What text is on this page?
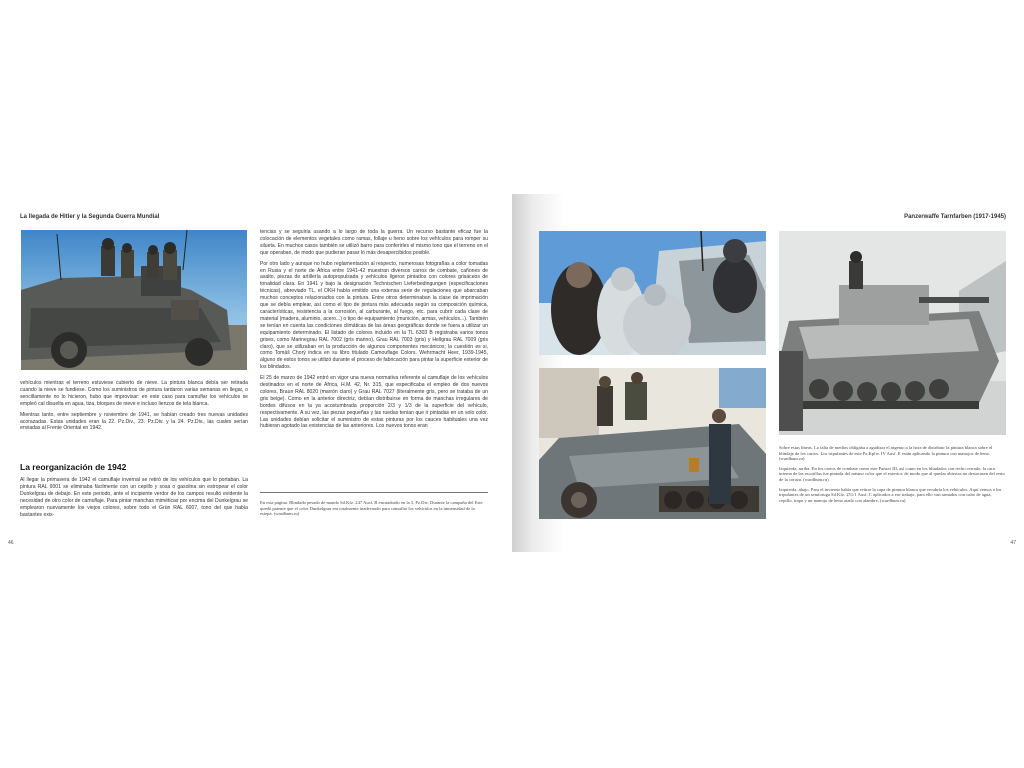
La llegada de Hitler y la Segunda Guerra Mundial

vehículos mientras el terreno estuviese cubierto de nieve. La pintura blanca debía ser retirada cuando la nieve se fundiese. Como los suministros de pintura tardaron varias semanas en llegar, o sencillamente no lo hicieron, hubo que improvisar: en este caso para camuflar los vehículos se empleó cal disuelta en agua, tiza, bloques de nieve e incluso lienzos de tela blanca.

Mientras tanto, entre septiembre y noviembre de 1941, se habían creado tres nuevas unidades acorazadas. Estas unidades eran la 22. Pz.Div., 23. Pz.Div. y la 24. Pz.Div., las cuales serían enviadas al Frente Oriental en 1942.

La reorganización de 1942

Al llegar la primavera de 1942 el camuflaje invernal se retiró de los vehículos que lo portaban. La pintura RAL 9001 se eliminaba fácilmente con un cepillo y sosa o gasolina sin estropear el color Dunkelgrau de debajo. En este periodo, ante el incipiente verdor de los campos resultó evidente la necesidad de otro color de camuflaje. Para pintar manchas miméticas por encima del Dunkelgrau se emplearon nuevamente los viejos colores, sobre todo el Grün RAL 6007, tono del que había bastantes exis-

tencias y se seguiría usando a lo largo de toda la guerra. Un recurso bastante eficaz fue la colocación de elementos vegetales como ramas, follaje u heno sobre los vehículos para romper su silueta. En muchos casos también se utilizó barro para conferirles el mismo tono que el terreno en el que operaban, de modo que pudieran pasar lo más desapercibidos posible.

Por otro lado y aunque no hubo reglamentación al respecto, numerosas fotografías a color tomadas en Rusia y el norte de África entre 1941-42 muestran diversos carros de combate, cañones de asalto, piezas de artillería autopropulsada y vehículos ligeros pintados con colores grisáceos de tonalidad clara. En 1941 y bajo la designación Technischen Lieferbedingungen (especificaciones técnicas), abreviado TL, el OKH había emitido una extensa serie de regulaciones que abarcaban muchos conceptos relacionados con la pintura. Entre otros determinaban la clase de imprimación que se debía emplear, así como el tipo de pintura más adecuada según su composición química, características, resistencia a la corrosión, al carburante, al fuego, etc. para cubrir cada clase de material (madera, aluminio, acero...) o tipo de equipamiento (munición, armas, vehículos...). También se tenían en cuenta las condiciones climáticas de las áreas geográficas donde se fuera a utilizar un equipamiento determinado. El listado de colores incluido en la TL 6303 B registraba varios tonos grises, como Marinegrau RAL 7002 (gris marino), Grau RAL 7003 (gris) y Hellgrau RAL 7009 (gris claro), que se utilizaban en la producción de algunos componentes mecánicos; la cuestión es si, como Tomáš Chorý indica en su libro titulado Camouflage Colors. Wehrmacht Heer, 1939-1945, alguno de estos tonos se utilizó durante el proceso de fabricación para pintar la superficie exterior de los blindados.

El 25 de marzo de 1942 entró en vigor una nueva normativa referente al camuflaje de los vehículos destinados en el norte de África, H.M. 42, Nr. 315, que especificaba el empleo de dos nuevos colores, Braun RAL 8020 (marrón claro) y Grau RAL 7027 (literalmente gris, pero se trataba de un gris beige). Como en la anterior directriz, debían distribuirse en forma de manchas irregulares de bordes difusos en la ya acostumbrada proporción 2/3 y 1/3 de la superficie del vehículo, respectivamente. A su vez, las piezas pequeñas y las ruedas tenían que ir pintadas en un solo color. Las unidades debían solicitar el suministro de estas pinturas por los cauces habituales una vez hubieran agotado las existencias de las anteriores. Los nuevos tonos eran

En esta página. Blindado pesado de mando Sd.Kfz. 247 Ausf. B encuadrado en la 3. Pz.Div. Durante la campaña del Este quedó patente que el color Dunkelgrau era totalmente inadecuado para camuflar los vehículos en la inmensidad de la estepa. (wardbum.ru)
46
Panzerwaffe Tarnfarben (1917-1945)

Sobre estas líneas. La falta de medios obligaba a agudizar el ingenio a la hora de distribuir la pintura blanca sobre el blindaje de los carros. Los tripulantes de este Pz.Kpfw. IV Ausf. E están aplicando la pintura con manojos de heno. (wardbum.ru)

Izquierda, arriba. En los carros de combate como este Panzer III, así como en los blindados con techo cerrado, la cara interna de las escotillas fue pintada del mismo color que el exterior, de modo que al quedar abiertas no destacasen del resto de la coraza. (wardbum.ru)

Izquierda, abajo. Para el invierno había que retirar la capa de pintura blanca que recubría los vehículos. Aquí vemos a los tripulantes de un semioruga Sd.Kfz. 251/1 Ausf. C aplicados a ese trabajo, para ello van armados con cubo de agua, cepillo, trapo y un manojo de heno atado con alambre. (wardbum.ru)

47
